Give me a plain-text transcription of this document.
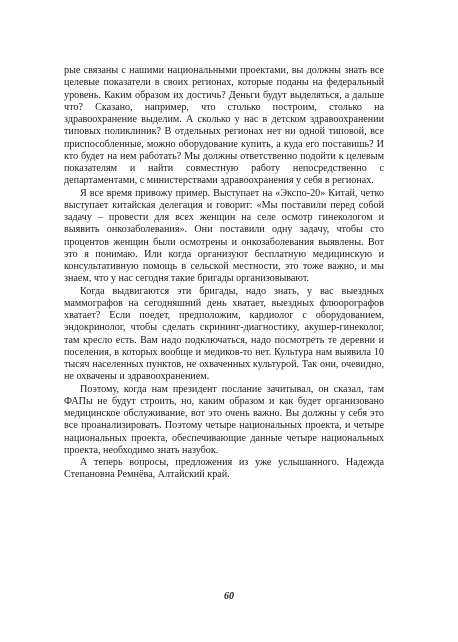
рые связаны с нашими национальными проектами, вы должны знать все целевые показатели в своих регионах, которые поданы на федеральный уровень. Каким образом их достичь? Деньги будут выделяться, а дальше что? Сказано, например, что столько построим, столько на здравоохранение выделим. А сколько у нас в детском здравоохранении типовых поликлиник? В отдельных регионах нет ни одной типовой, все приспособленные, можно оборудование купить, а куда его поставишь? И кто будет на нем работать? Мы должны ответственно подойти к целевым показателям и найти совместную работу непосредственно с департаментами, с министерствами здравоохранения у себя в регионах.

Я все время привожу пример. Выступает на «Экспо-20» Китай, четко выступает китайская делегация и говорит: «Мы поставили перед собой задачу – провести для всех женщин на селе осмотр гинекологом и выявить онкозаболевания». Они поставили одну задачу, чтобы сто процентов женщин были осмотрены и онкозаболевания выявлены. Вот это я понимаю. Или когда организуют бесплатную медицинскую и консультативную помощь в сельской местности, это тоже важно, и мы знаем, что у нас сегодня такие бригады организовывают.

Когда выдвигаются эти бригады, надо знать, у вас выездных маммографов на сегодняшний день хватает, выездных флюорографов хватает? Если поедет, предположим, кардиолог с оборудованием, эндокринолог, чтобы сделать скрининг-диагностику, акушер-гинеколог, там кресло есть. Вам надо подключаться, надо посмотреть те деревни и поселения, в которых вообще и медиков-то нет. Культура нам выявила 10 тысяч населенных пунктов, не охваченных культурой. Так они, очевидно, не охвачены и здравоохранением.

Поэтому, когда нам президент послание зачитывал, он сказал, там ФАПы не будут строить, но, каким образом и как будет организовано медицинское обслуживание, вот это очень важно. Вы должны у себя это все проанализировать. Поэтому четыре национальных проекта, и четыре национальных проекта, обеспечивающие данные четыре национальных проекта, необходимо знать назубок.

А теперь вопросы, предложения из уже услышанного. Надежда Степановна Ремнёва, Алтайский край.

60
